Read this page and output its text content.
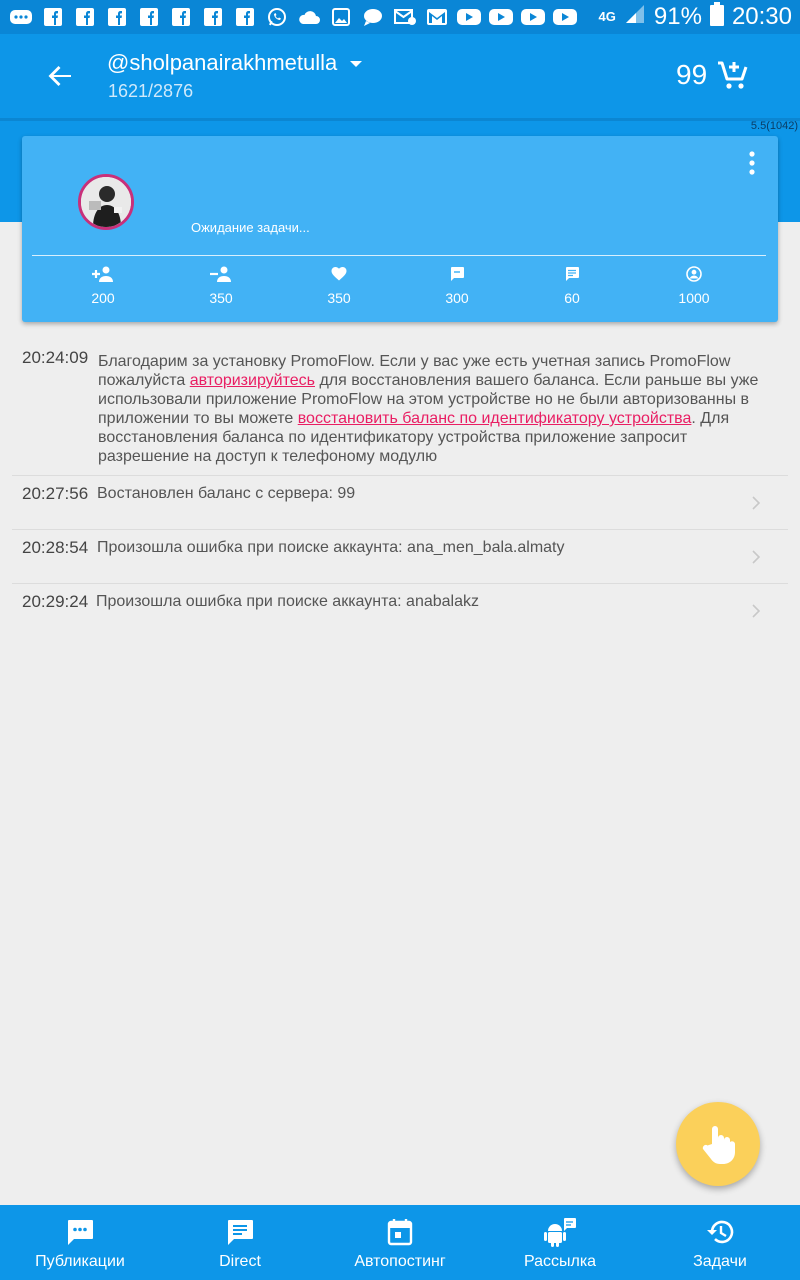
4G 91% 20:30
@sholpanairakhmetulla
1621/2876
99
5.5(1042)
Ожидание задачи...
200	350	350	300	60	1000
20:24:09 Благодарим за установку PromoFlow. Если у вас уже есть учетная запись PromoFlow пожалуйста авторизируйтесь для восстановления вашего баланса. Если раньше вы уже использовали приложение PromoFlow на этом устройстве но не были авторизованны в приложении то вы можете восстановить баланс по идентификатору устройства. Для восстановления баланса по идентификатору устройства приложение запросит разрешение на доступ к телефоному модулю
20:27:56 Востановлен баланс с сервера: 99
20:28:54 Произошла ошибка при поиске аккаунта: ana_men_bala.almaty
20:29:24 Произошла ошибка при поиске аккаунта: anabalakz
Публикации	Direct	Автопостинг	Рассылка	Задачи
